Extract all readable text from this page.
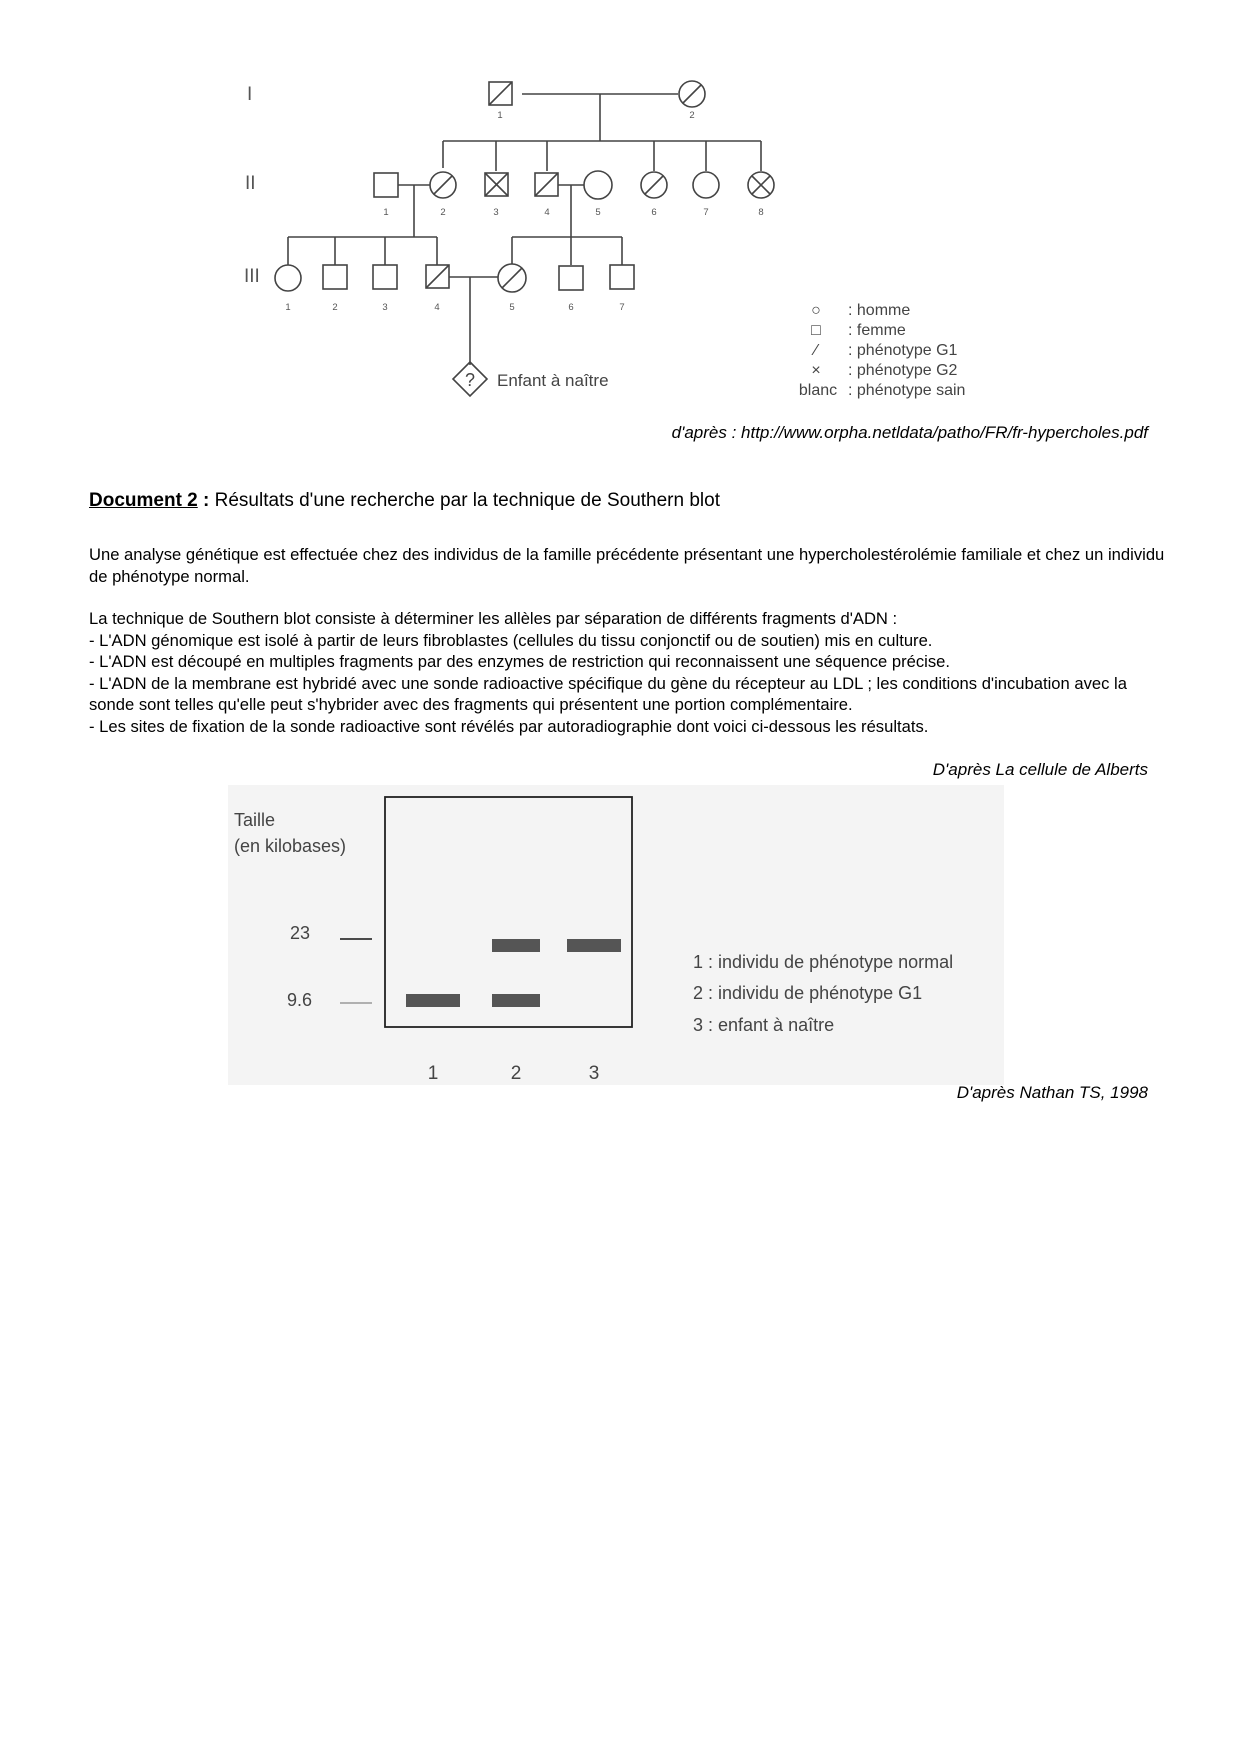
I
II
III
1	2
1	2	3	4	5	6	7	8
1	2	3	4	5	6	7
? Enfant à naître
○ : homme
□ : femme
⁄ : phénotype G1
× : phénotype G2
blanc : phénotype sain
d'après : http://www.orpha.netldata/patho/FR/fr-hypercholes.pdf
Document 2 : Résultats d'une recherche par la technique de Southern blot
Une analyse génétique est effectuée chez des individus de la famille précédente présentant une hypercholestérolémie familiale et chez un individu de phénotype normal.
La technique de Southern blot consiste à déterminer les allèles par séparation de différents fragments d'ADN :
- L'ADN génomique est isolé à partir de leurs fibroblastes (cellules du tissu conjonctif ou de soutien) mis en culture.
- L'ADN est découpé en multiples fragments par des enzymes de restriction qui reconnaissent une séquence précise.
- L'ADN de la membrane est hybridé avec une sonde radioactive spécifique du gène du récepteur au LDL ; les conditions d'incubation avec la sonde sont telles qu'elle peut s'hybrider avec des fragments qui présentent une portion complémentaire.
- Les sites de fixation de la sonde radioactive sont révélés par autoradiographie dont voici ci-dessous les résultats.
D'après La cellule de Alberts
Taille
(en kilobases)
23
9.6
1	2	3
1 : individu de phénotype normal
2 : individu de phénotype G1
3 : enfant à naître
D'après Nathan TS, 1998
